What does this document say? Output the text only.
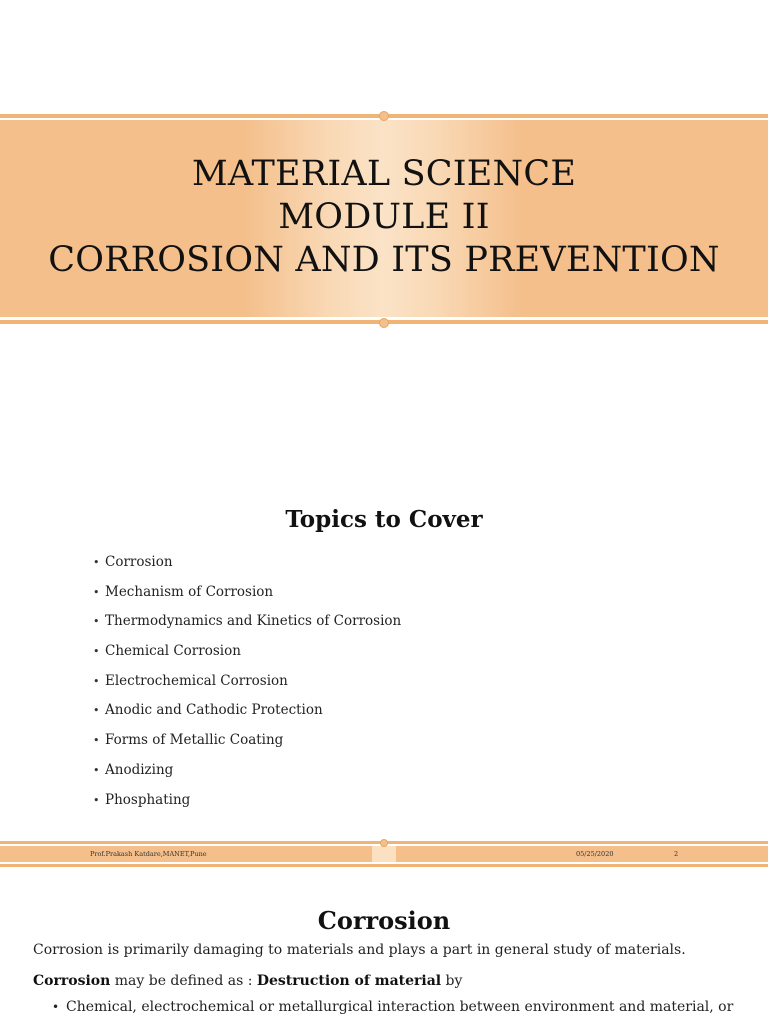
MATERIAL SCIENCE
MODULE II
CORROSION AND ITS PREVENTION
Topics to Cover
• Corrosion
• Mechanism of Corrosion
• Thermodynamics and Kinetics of Corrosion
• Chemical Corrosion
• Electrochemical Corrosion
• Anodic and Cathodic Protection
• Forms of Metallic Coating
• Anodizing
• Phosphating
Prof.Prakash Katdare,MANET,Pune	05/25/2020	2
Corrosion
Corrosion is primarily damaging to materials and plays a part in general study of materials.
Corrosion may be defined as : Destruction of material by
• Chemical, electrochemical or metallurgical interaction between environment and material, or
